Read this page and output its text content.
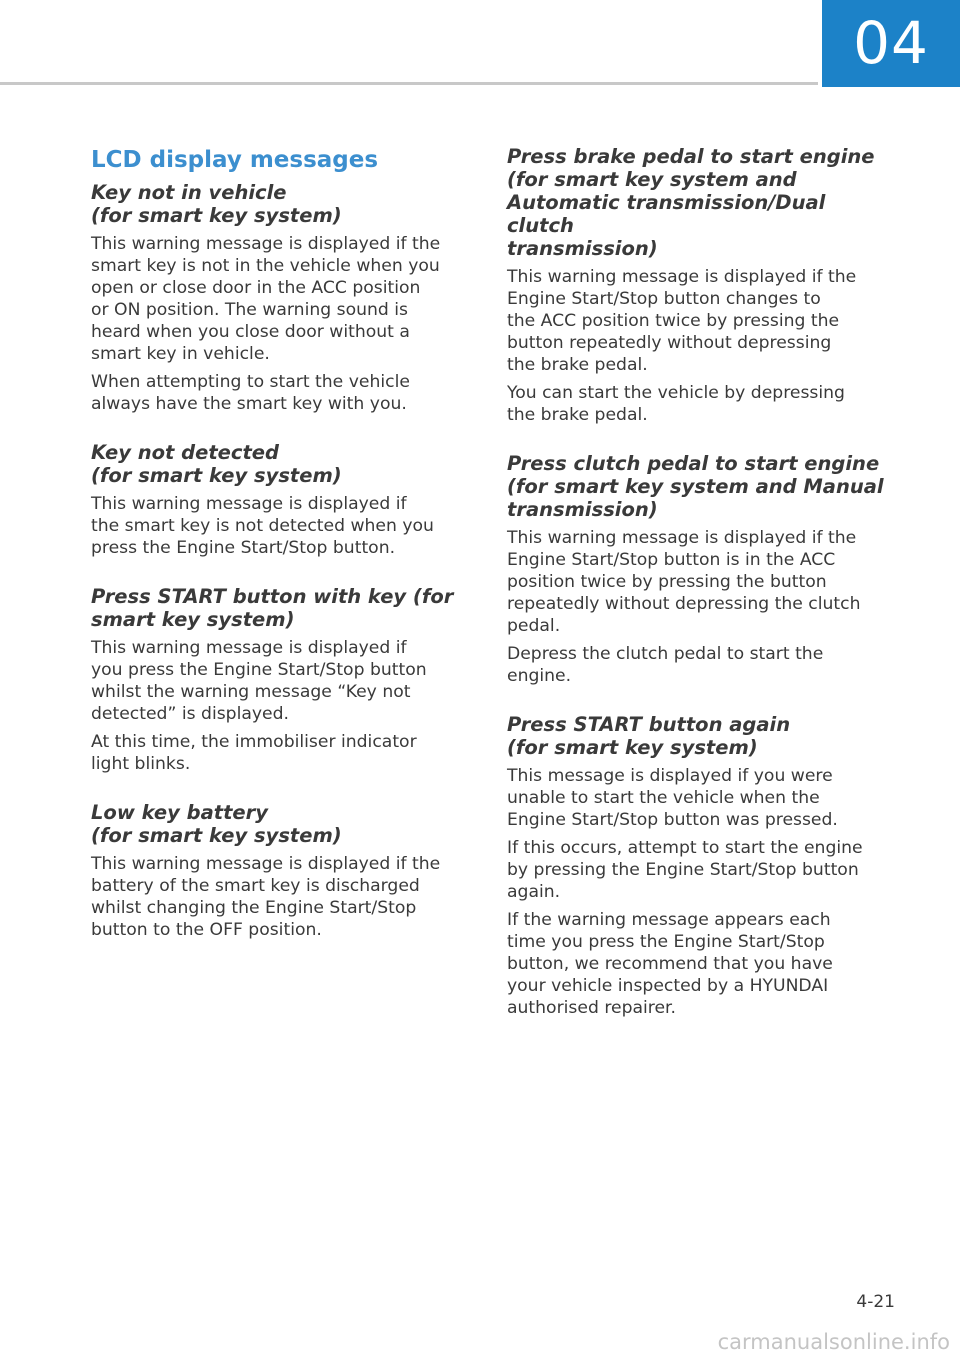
04
LCD display messages
Key not in vehicle
(for smart key system)
This warning message is displayed if the
smart key is not in the vehicle when you
open or close door in the ACC position
or ON position. The warning sound is
heard when you close door without a
smart key in vehicle.
When attempting to start the vehicle
always have the smart key with you.
Key not detected
(for smart key system)
This warning message is displayed if
the smart key is not detected when you
press the Engine Start/Stop button.
Press START button with key (for
smart key system)
This warning message is displayed if
you press the Engine Start/Stop button
whilst the warning message “Key not
detected” is displayed.
At this time, the immobiliser indicator
light blinks.
Low key battery
(for smart key system)
This warning message is displayed if the
battery of the smart key is discharged
whilst changing the Engine Start/Stop
button to the OFF position.
Press brake pedal to start engine
(for smart key system and
Automatic transmission/Dual clutch
transmission)
This warning message is displayed if the
Engine Start/Stop button changes to
the ACC position twice by pressing the
button repeatedly without depressing
the brake pedal.
You can start the vehicle by depressing
the brake pedal.
Press clutch pedal to start engine
(for smart key system and Manual
transmission)
This warning message is displayed if the
Engine Start/Stop button is in the ACC
position twice by pressing the button
repeatedly without depressing the clutch
pedal.
Depress the clutch pedal to start the
engine.
Press START button again
(for smart key system)
This message is displayed if you were
unable to start the vehicle when the
Engine Start/Stop button was pressed.
If this occurs, attempt to start the engine
by pressing the Engine Start/Stop button
again.
If the warning message appears each
time you press the Engine Start/Stop
button, we recommend that you have
your vehicle inspected by a HYUNDAI
authorised repairer.
4-21
carmanualsonline.info
